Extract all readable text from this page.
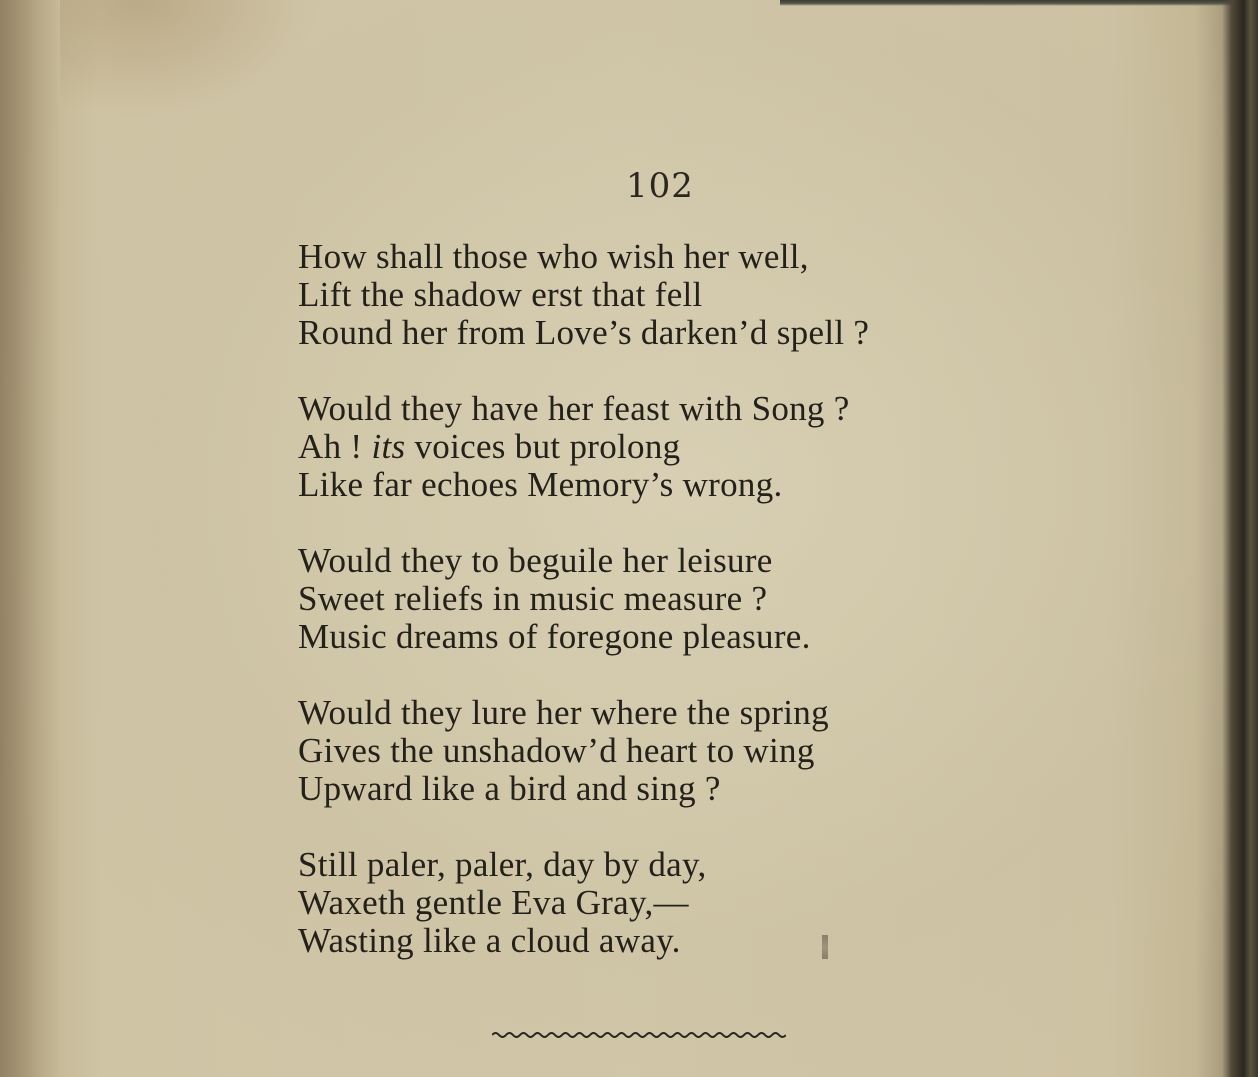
102
How shall those who wish her well,
Lift the shadow erst that fell
Round her from Love’s darken’d spell ?
Would they have her feast with Song ?
Ah ! its voices but prolong
Like far echoes Memory’s wrong.
Would they to beguile her leisure
Sweet reliefs in music measure ?
Music dreams of foregone pleasure.
Would they lure her where the spring
Gives the unshadow’d heart to wing
Upward like a bird and sing ?
Still paler, paler, day by day,
Waxeth gentle Eva Gray,—
Wasting like a cloud away.
